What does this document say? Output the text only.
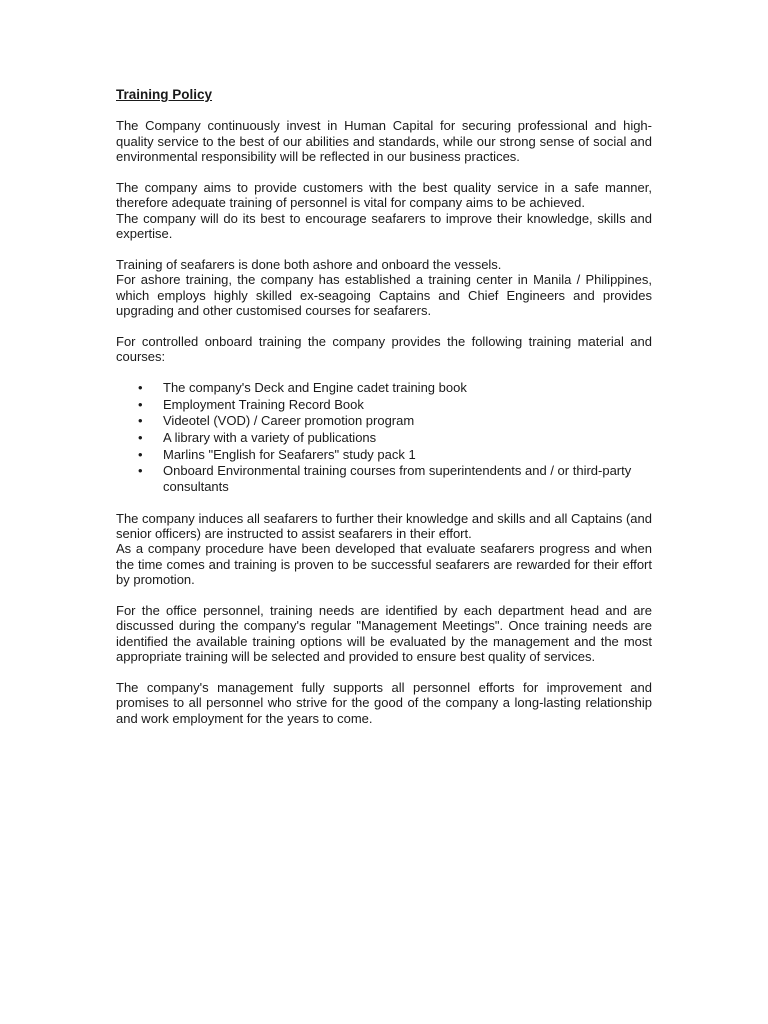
Training Policy

The Company continuously invest in Human Capital for securing professional and high-quality service to the best of our abilities and standards, while our strong sense of social and environmental responsibility will be reflected in our business practices.

The company aims to provide customers with the best quality service in a safe manner, therefore adequate training of personnel is vital for company aims to be achieved.

The company will do its best to encourage seafarers to improve their knowledge, skills and expertise.

Training of seafarers is done both ashore and onboard the vessels.

For ashore training, the company has established a training center in Manila / Philippines, which employs highly skilled ex-seagoing Captains and Chief Engineers and provides upgrading and other customised courses for seafarers.

For controlled onboard training the company provides the following training material and courses:

• The company's Deck and Engine cadet training book
• Employment Training Record Book
• Videotel (VOD) / Career promotion program
• A library with a variety of publications
• Marlins "English for Seafarers" study pack 1
• Onboard Environmental training courses from superintendents and / or third-party consultants

The company induces all seafarers to further their knowledge and skills and all Captains (and senior officers) are instructed to assist seafarers in their effort.

As a company procedure have been developed that evaluate seafarers progress and when the time comes and training is proven to be successful seafarers are rewarded for their effort by promotion.

For the office personnel, training needs are identified by each department head and are discussed during the company's regular "Management Meetings". Once training needs are identified the available training options will be evaluated by the management and the most appropriate training will be selected and provided to ensure best quality of services.

The company's management fully supports all personnel efforts for improvement and promises to all personnel who strive for the good of the company a long-lasting relationship and work employment for the years to come.
